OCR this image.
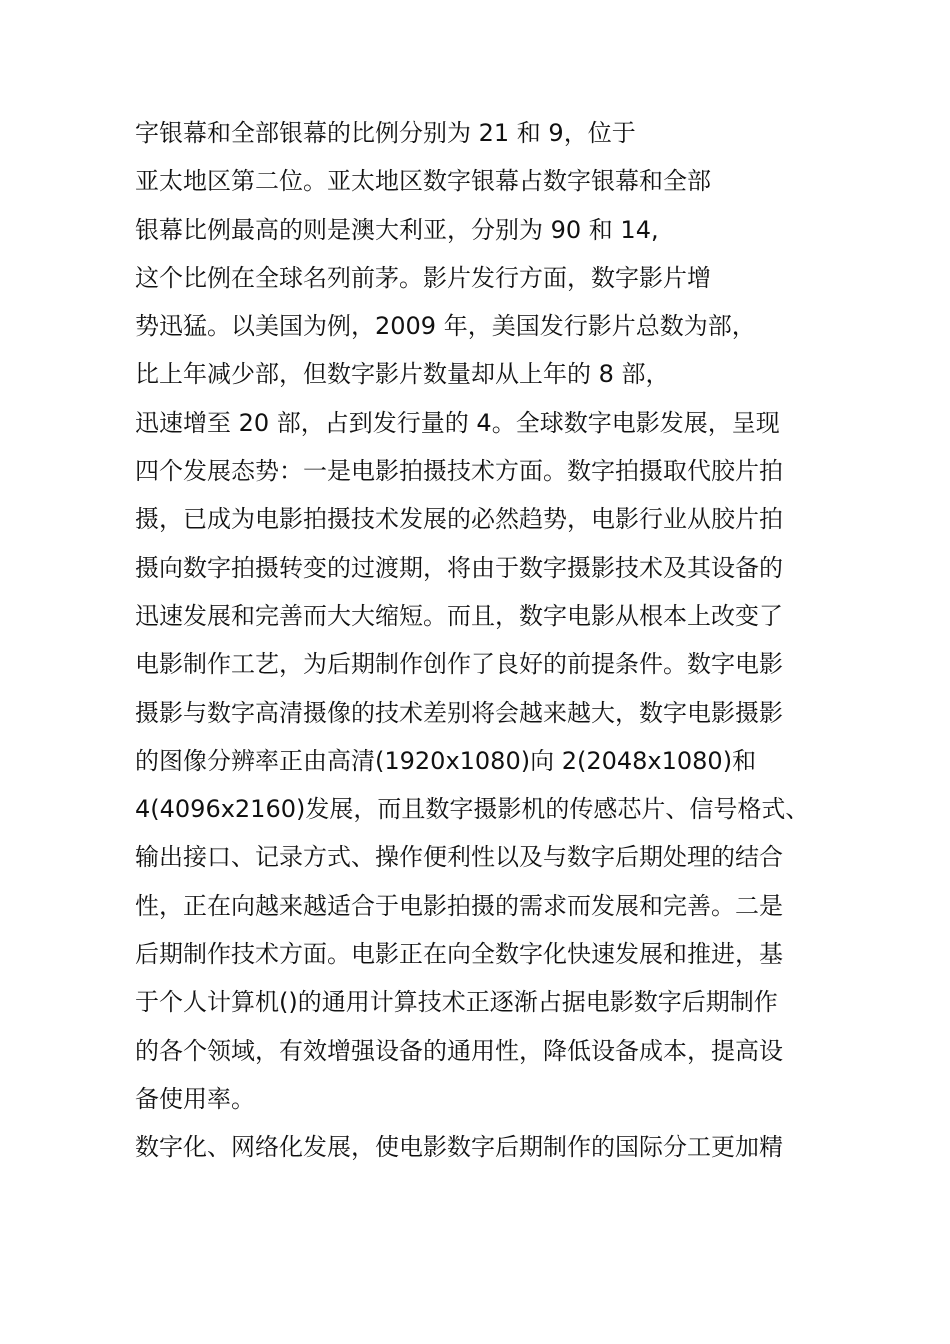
字银幕和全部银幕的比例分别为 21 和 9，位于
亚太地区第二位。亚太地区数字银幕占数字银幕和全部
银幕比例最高的则是澳大利亚，分别为 90 和 14,
这个比例在全球名列前茅。影片发行方面，数字影片增
势迅猛。以美国为例，2009 年，美国发行影片总数为部，
比上年减少部，但数字影片数量却从上年的 8 部，
迅速增至 20 部，占到发行量的 4。全球数字电影发展，呈现
四个发展态势：一是电影拍摄技术方面。数字拍摄取代胶片拍
摄，已成为电影拍摄技术发展的必然趋势，电影行业从胶片拍
摄向数字拍摄转变的过渡期，将由于数字摄影技术及其设备的
迅速发展和完善而大大缩短。而且，数字电影从根本上改变了
电影制作工艺，为后期制作创作了良好的前提条件。数字电影
摄影与数字高清摄像的技术差别将会越来越大，数字电影摄影
的图像分辨率正由高清(1920x1080)向 2(2048x1080)和
4(4096x2160)发展，而且数字摄影机的传感芯片、信号格式、
输出接口、记录方式、操作便利性以及与数字后期处理的结合
性，正在向越来越适合于电影拍摄的需求而发展和完善。二是
后期制作技术方面。电影正在向全数字化快速发展和推进，基
于个人计算机()的通用计算技术正逐渐占据电影数字后期制作
的各个领域，有效增强设备的通用性，降低设备成本，提高设
备使用率。
数字化、网络化发展，使电影数字后期制作的国际分工更加精
